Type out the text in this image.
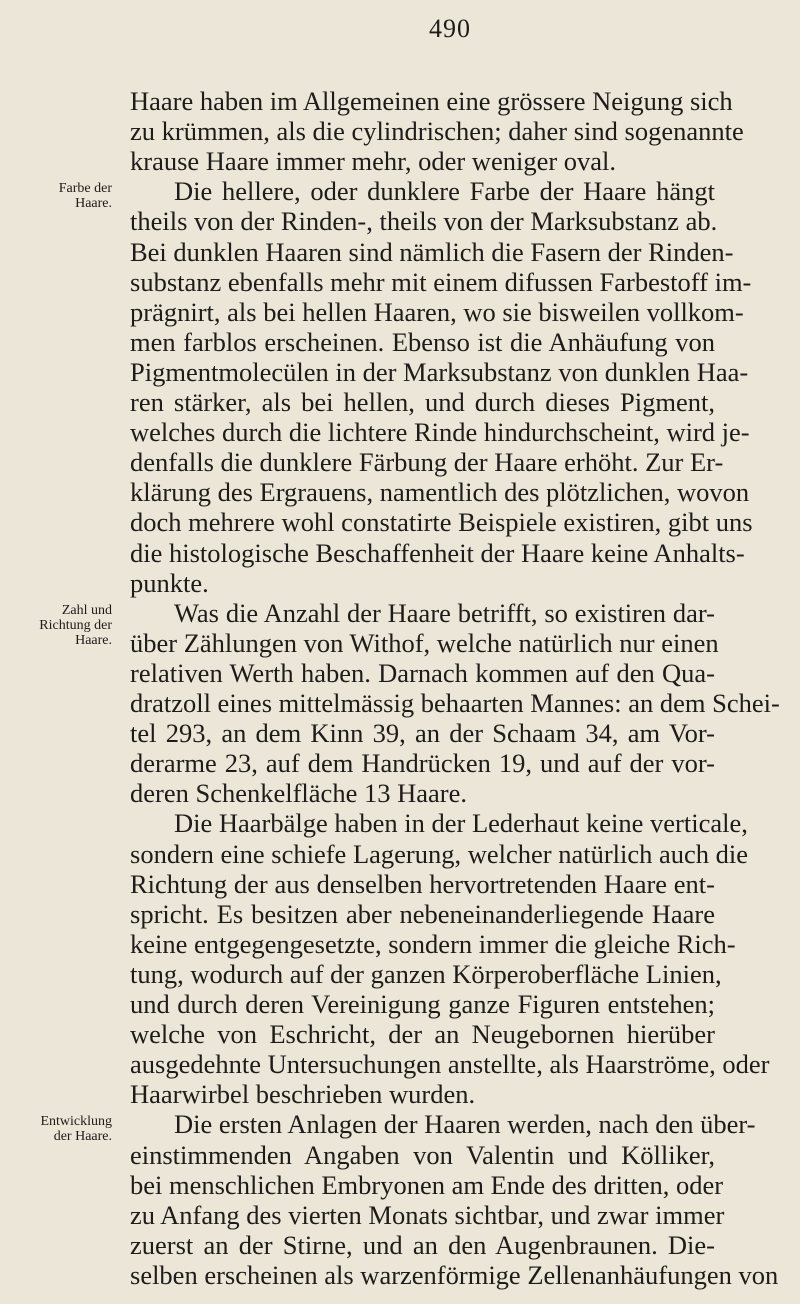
490
Farbe der
Haare.
Zahl und
Richtung der
Haare.
Entwicklung
der Haare.
Haare haben im Allgemeinen eine grössere Neigung sich
zu krümmen, als die cylindrischen; daher sind sogenannte
krause Haare immer mehr, oder weniger oval.
Die hellere, oder dunklere Farbe der Haare hängt
theils von der Rinden-, theils von der Marksubstanz ab.
Bei dunklen Haaren sind nämlich die Fasern der Rinden-
substanz ebenfalls mehr mit einem difussen Farbestoff im-
prägnirt, als bei hellen Haaren, wo sie bisweilen vollkom-
men farblos erscheinen. Ebenso ist die Anhäufung von
Pigmentmolecülen in der Marksubstanz von dunklen Haa-
ren stärker, als bei hellen, und durch dieses Pigment,
welches durch die lichtere Rinde hindurchscheint, wird je-
denfalls die dunklere Färbung der Haare erhöht. Zur Er-
klärung des Ergrauens, namentlich des plötzlichen, wovon
doch mehrere wohl constatirte Beispiele existiren, gibt uns
die histologische Beschaffenheit der Haare keine Anhalts-
punkte.
Was die Anzahl der Haare betrifft, so existiren dar-
über Zählungen von Withof, welche natürlich nur einen
relativen Werth haben. Darnach kommen auf den Qua-
dratzoll eines mittelmässig behaarten Mannes: an dem Schei-
tel 293, an dem Kinn 39, an der Schaam 34, am Vor-
derarme 23, auf dem Handrücken 19, und auf der vor-
deren Schenkelfläche 13 Haare.
Die Haarbälge haben in der Lederhaut keine verticale,
sondern eine schiefe Lagerung, welcher natürlich auch die
Richtung der aus denselben hervortretenden Haare ent-
spricht. Es besitzen aber nebeneinanderliegende Haare
keine entgegengesetzte, sondern immer die gleiche Rich-
tung, wodurch auf der ganzen Körperoberfläche Linien,
und durch deren Vereinigung ganze Figuren entstehen;
welche von Eschricht, der an Neugebornen hierüber
ausgedehnte Untersuchungen anstellte, als Haarströme, oder
Haarwirbel beschrieben wurden.
Die ersten Anlagen der Haaren werden, nach den über-
einstimmenden Angaben von Valentin und Kölliker,
bei menschlichen Embryonen am Ende des dritten, oder
zu Anfang des vierten Monats sichtbar, und zwar immer
zuerst an der Stirne, und an den Augenbraunen. Die-
selben erscheinen als warzenförmige Zellenanhäufungen von
